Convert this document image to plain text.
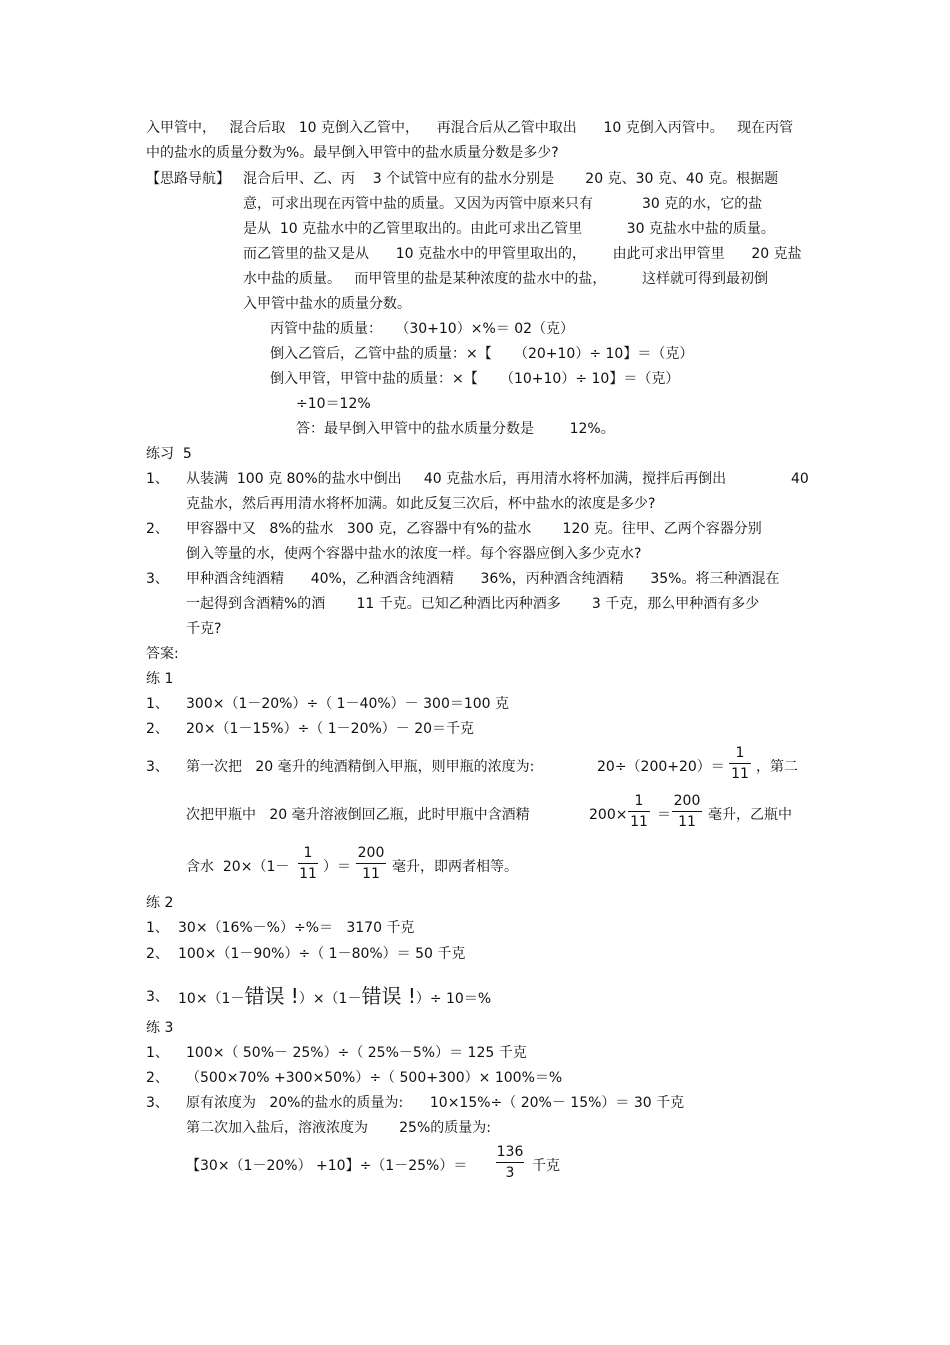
入甲管中，   混合后取   10 克倒入乙管中，    再混合后从乙管中取出      10 克倒入丙管中。   现在丙管
中的盐水的质量分数为%。最早倒入甲管中的盐水质量分数是多少?
【思路导航】 混合后甲、乙、丙    3 个试管中应有的盐水分别是       20 克、30 克、40 克。根据题
意，可求出现在丙管中盐的质量。又因为丙管中原来只有           30 克的水，它的盐
是从  10 克盐水中的乙管里取出的。由此可求出乙管里          30 克盐水中盐的质量。
而乙管里的盐又是从      10 克盐水中的甲管里取出的，      由此可求出甲管里      20 克盐
水中盐的质量。   而甲管里的盐是某种浓度的盐水中的盐，        这样就可得到最初倒
入甲管中盐水的质量分数。
丙管中盐的质量：   （30+10）×%＝ 02（克）
倒入乙管后，乙管中盐的质量：×【     （20+10）÷ 10】＝（克）
倒入甲管，甲管中盐的质量：×【     （10+10）÷ 10】＝（克）
÷10＝12%
答：最早倒入甲管中的盐水质量分数是        12%。
练习  5
1、 从装满  100 克 80%的盐水中倒出     40 克盐水后，再用清水将杯加满，搅拌后再倒出	40
克盐水，然后再用清水将杯加满。如此反复三次后，杯中盐水的浓度是多少?
2、 甲容器中又   8%的盐水   300 克，乙容器中有%的盐水       120 克。往甲、乙两个容器分别
倒入等量的水，使两个容器中盐水的浓度一样。每个容器应倒入多少克水?
3、 甲种酒含纯酒精      40%，乙种酒含纯酒精      36%，丙种酒含纯酒精      35%。将三种酒混在
一起得到含酒精%的酒       11 千克。已知乙种酒比丙种酒多       3 千克，那么甲种酒有多少
千克?
答案:
练 1
1、 300×（1－20%）÷（ 1－40%）－ 300＝100 克
2、 20×（1－15%）÷（ 1－20%）－ 20＝千克
3、 第一次把   20 毫升的纯酒精倒入甲瓶，则甲瓶的浓度为:	20÷（200+20）＝
1
11 ，第二
次把甲瓶中   20 毫升溶液倒回乙瓶，此时甲瓶中含酒精	200×
1
11 ＝
200
11 毫升，乙瓶中
含水  20×（1－
1
11 ）＝
200
11 毫升，即两者相等。
练 2
1、 30×（16%－%）÷%＝   3170 千克
2、 100×（1－90%）÷（ 1－80%）＝ 50 千克
3、 10×（1－错误 !）×（1－错误 !）÷ 10＝%
练 3
1、 100×（ 50%－ 25%）÷（ 25%－5%）＝ 125 千克
2、 （500×70% +300×50%）÷（ 500+300）× 100%＝%
3、 原有浓度为   20%的盐水的质量为:      10×15%÷（ 20%－ 15%）＝ 30 千克
第二次加入盐后，溶液浓度为       25%的质量为:
【30×（1－20%） +10】÷（1－25%）＝
136
3	千克
